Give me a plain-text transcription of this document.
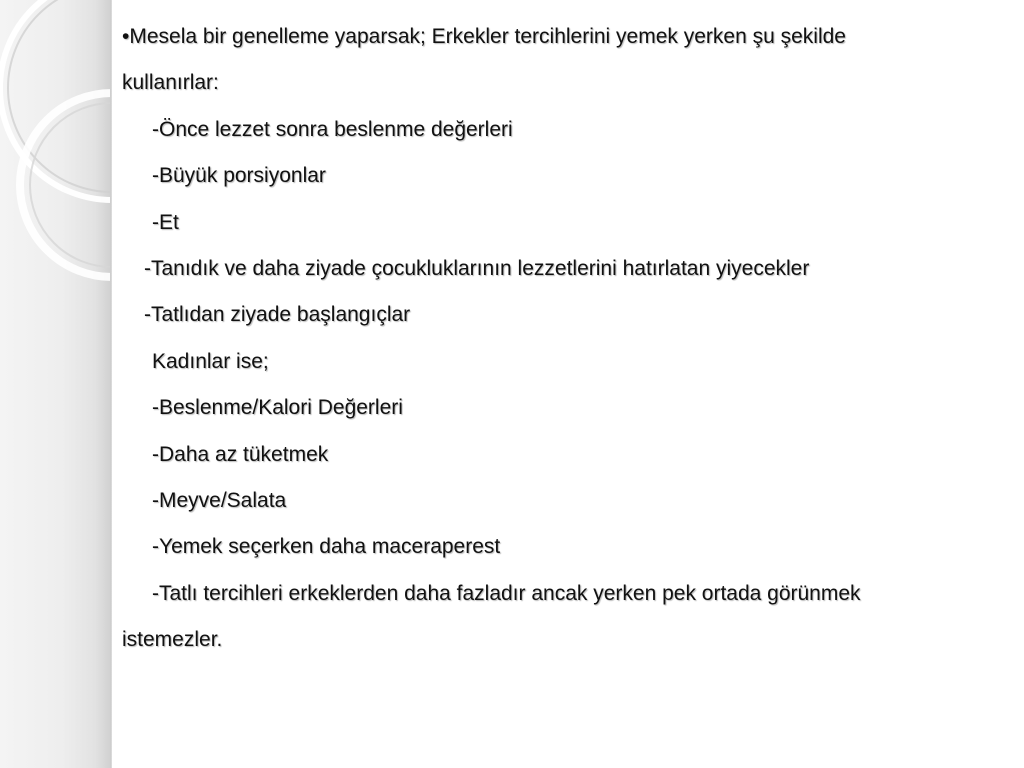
•Mesela bir genelleme yaparsak; Erkekler tercihlerini yemek yerken şu şekilde
kullanırlar:
-Önce lezzet sonra beslenme değerleri
-Büyük porsiyonlar
-Et
-Tanıdık ve daha ziyade çocukluklarının lezzetlerini hatırlatan yiyecekler
-Tatlıdan ziyade başlangıçlar
Kadınlar ise;
-Beslenme/Kalori Değerleri
-Daha az tüketmek
-Meyve/Salata
-Yemek seçerken daha maceraperest
-Tatlı tercihleri erkeklerden daha fazladır ancak yerken pek ortada görünmek
istemezler.
